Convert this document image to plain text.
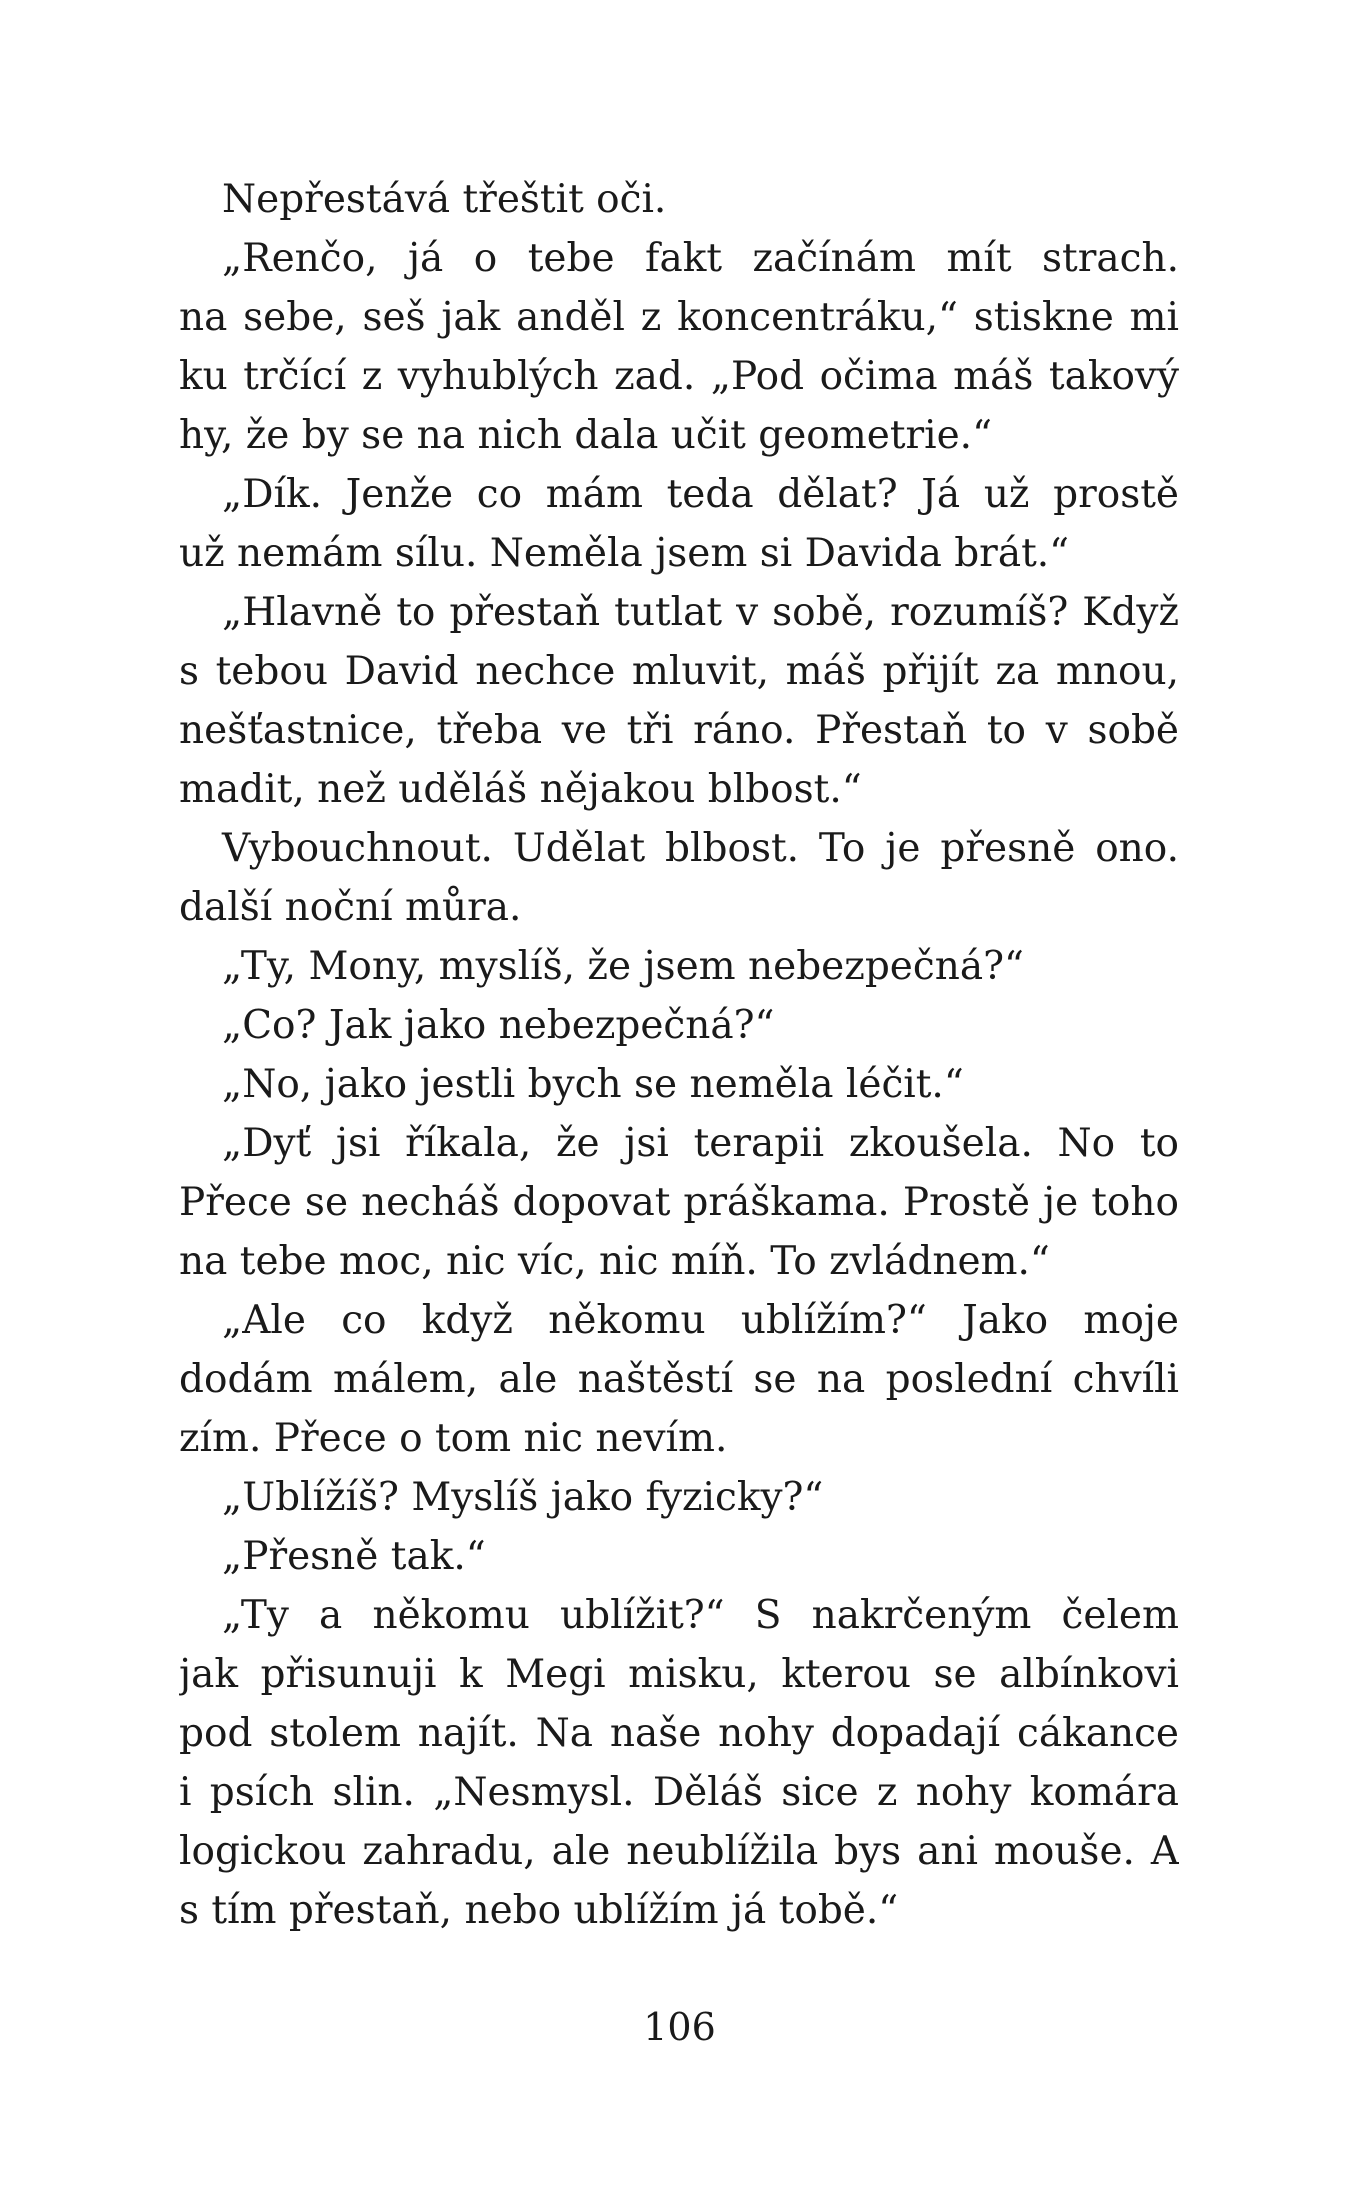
Nepřestává třeštit oči.
„Renčo, já o tebe fakt začínám mít strach.
na sebe, seš jak anděl z koncentráku,“ stiskne mi
ku trčící z vyhublých zad. „Pod očima máš takový
hy, že by se na nich dala učit geometrie.“
„Dík. Jenže co mám teda dělat? Já už prostě
už nemám sílu. Neměla jsem si Davida brát.“
„Hlavně to přestaň tutlat v sobě, rozumíš? Když
s tebou David nechce mluvit, máš přijít za mnou,
nešťastnice, třeba ve tři ráno. Přestaň to v sobě
madit, než uděláš nějakou blbost.“
Vybouchnout. Udělat blbost. To je přesně ono.
další noční můra.
„Ty, Mony, myslíš, že jsem nebezpečná?“
„Co? Jak jako nebezpečná?“
„No, jako jestli bych se neměla léčit.“
„Dyť jsi říkala, že jsi terapii zkoušela. No to
Přece se necháš dopovat práškama. Prostě je toho
na tebe moc, nic víc, nic míň. To zvládnem.“
„Ale co když někomu ublížím?“ Jako moje
dodám málem, ale naštěstí se na poslední chvíli
zím. Přece o tom nic nevím.
„Ublížíš? Myslíš jako fyzicky?“
„Přesně tak.“
„Ty a někomu ublížit?“ S nakrčeným čelem
jak přisunuji k Megi misku, kterou se albínkovi
pod stolem najít. Na naše nohy dopadají cákance
i psích slin. „Nesmysl. Děláš sice z nohy komára
logickou zahradu, ale neublížila bys ani mouše. A
s tím přestaň, nebo ublížím já tobě.“
106
